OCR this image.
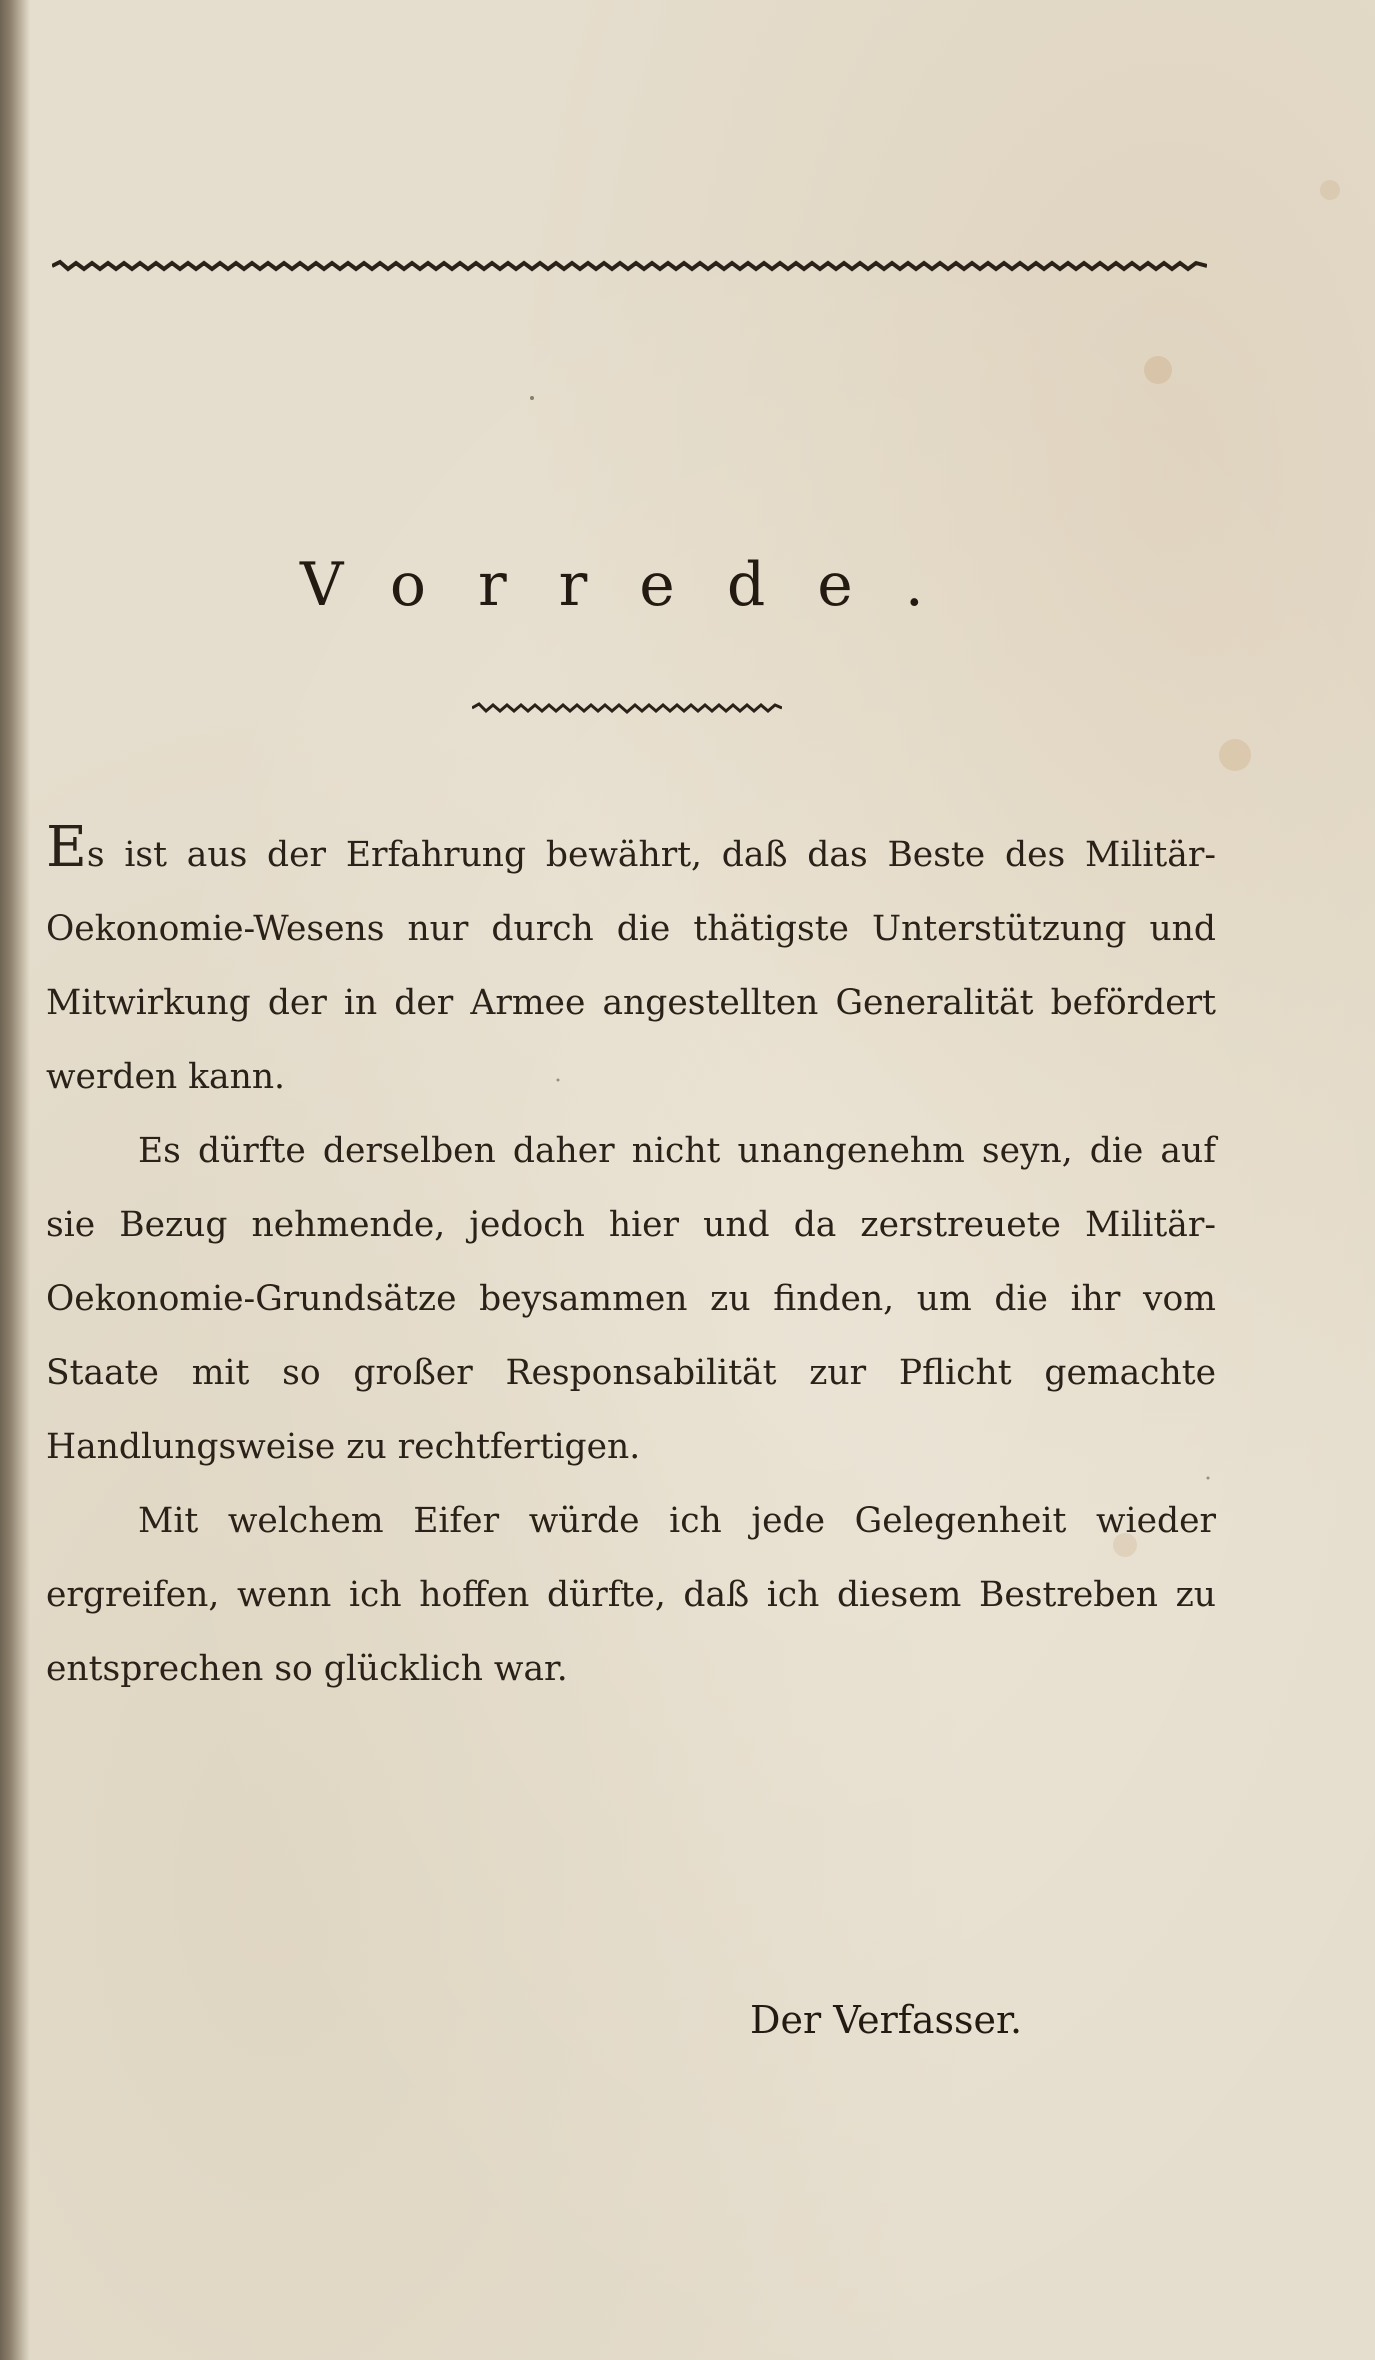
Vorrede.

Es ist aus der Erfahrung bewährt, daß das Beste des Militär-Oekonomie-Wesens nur durch die thätigste Unterstützung und Mitwirkung der in der Armee angestellten Generalität befördert werden kann.

Es dürfte derselben daher nicht unangenehm seyn, die auf sie Bezug nehmende, jedoch hier und da zerstreuete Militär-Oekonomie-Grundsätze beysammen zu finden, um die ihr vom Staate mit so großer Responsabilität zur Pflicht gemachte Handlungsweise zu rechtfertigen.

Mit welchem Eifer würde ich jede Gelegenheit wieder ergreifen, wenn ich hoffen dürfte, daß ich diesem Bestreben zu entsprechen so glücklich war.

Der Verfasser.
